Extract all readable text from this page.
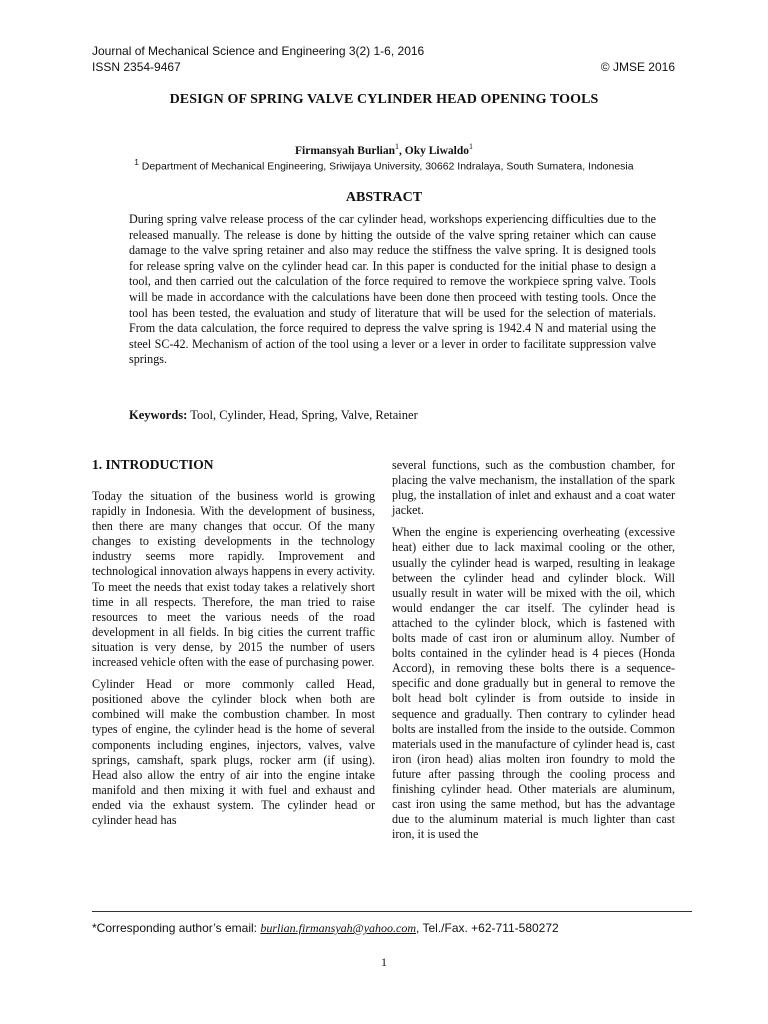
Journal of Mechanical Science and Engineering 3(2) 1-6, 2016
ISSN 2354-9467	© JMSE 2016
DESIGN OF SPRING VALVE CYLINDER HEAD OPENING TOOLS
Firmansyah Burlian$^1$, Oky Liwaldo$^1$
$^1$ Department of Mechanical Engineering, Sriwijaya University, 30662 Indralaya, South Sumatera, Indonesia
ABSTRACT

During spring valve release process of the car cylinder head, workshops experiencing difficulties due to the released manually. The release is done by hitting the outside of the valve spring retainer which can cause damage to the valve spring retainer and also may reduce the stiffness the valve spring. It is designed tools for release spring valve on the cylinder head car. In this paper is conducted for the initial phase to design a tool, and then carried out the calculation of the force required to remove the workpiece spring valve. Tools will be made in accordance with the calculations have been done then proceed with testing tools. Once the tool has been tested, the evaluation and study of literature that will be used for the selection of materials. From the data calculation, the force required to depress the valve spring is 1942.4 N and material using the steel SC-42. Mechanism of action of the tool using a lever or a lever in order to facilitate suppression valve springs.

Keywords: Tool, Cylinder, Head, Spring, Valve, Retainer
1. INTRODUCTION

Today the situation of the business world is growing rapidly in Indonesia. With the development of business, then there are many changes that occur. Of the many changes to existing developments in the technology industry seems more rapidly. Improvement and technological innovation always happens in every activity. To meet the needs that exist today takes a relatively short time in all respects. Therefore, the man tried to raise resources to meet the various needs of the road development in all fields. In big cities the current traffic situation is very dense, by 2015 the number of users increased vehicle often with the ease of purchasing power.

Cylinder Head or more commonly called Head, positioned above the cylinder block when both are combined will make the combustion chamber. In most types of engine, the cylinder head is the home of several components including engines, injectors, valves, valve springs, camshaft, spark plugs, rocker arm (if using). Head also allow the entry of air into the engine intake manifold and then mixing it with fuel and exhaust and ended via the exhaust system. The cylinder head or cylinder head has

several functions, such as the combustion chamber, for placing the valve mechanism, the installation of the spark plug, the installation of inlet and exhaust and a coat water jacket.

When the engine is experiencing overheating (excessive heat) either due to lack maximal cooling or the other, usually the cylinder head is warped, resulting in leakage between the cylinder head and cylinder block. Will usually result in water will be mixed with the oil, which would endanger the car itself. The cylinder head is attached to the cylinder block, which is fastened with bolts made of cast iron or aluminum alloy. Number of bolts contained in the cylinder head is 4 pieces (Honda Accord), in removing these bolts there is a sequence-specific and done gradually but in general to remove the bolt head bolt cylinder is from outside to inside in sequence and gradually. Then contrary to cylinder head bolts are installed from the inside to the outside. Common materials used in the manufacture of cylinder head is, cast iron (iron head) alias molten iron foundry to mold the future after passing through the cooling process and finishing cylinder head. Other materials are aluminum, cast iron using the same method, but has the advantage due to the aluminum material is much lighter than cast iron, it is used the

*Corresponding author’s email: burlian.firmansyah@yahoo.com, Tel./Fax. +62-711-580272
1
